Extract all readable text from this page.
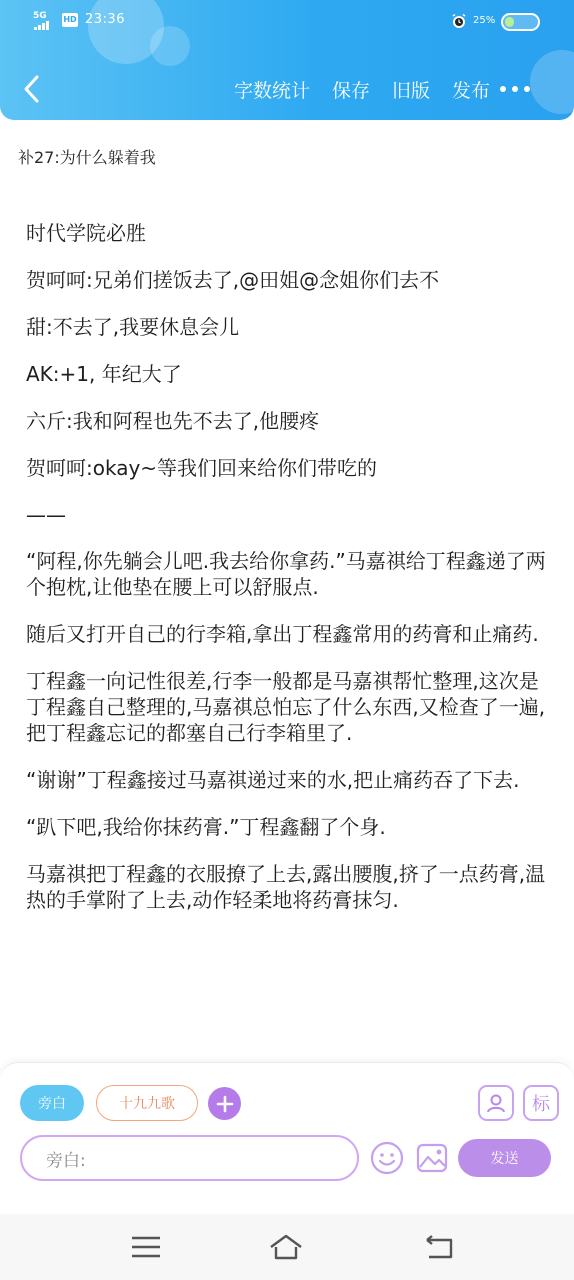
5G HD 23:36	25%
字数统计 保存 旧版 发布
补27:为什么躲着我
时代学院必胜
贺呵呵:兄弟们搓饭去了,@田姐@念姐你们去不
甜:不去了,我要休息会儿
AK:+1, 年纪大了
六斤:我和阿程也先不去了,他腰疼
贺呵呵:okay~等我们回来给你们带吃的
——
“阿程,你先躺会儿吧.我去给你拿药.”马嘉祺给丁程鑫递了两个抱枕,让他垫在腰上可以舒服点.
随后又打开自己的行李箱,拿出丁程鑫常用的药膏和止痛药.
丁程鑫一向记性很差,行李一般都是马嘉祺帮忙整理,这次是丁程鑫自己整理的,马嘉祺总怕忘了什么东西,又检查了一遍,把丁程鑫忘记的都塞自己行李箱里了.
“谢谢”丁程鑫接过马嘉祺递过来的水,把止痛药吞了下去.
“趴下吧,我给你抹药膏.”丁程鑫翻了个身.
马嘉祺把丁程鑫的衣服撩了上去,露出腰腹,挤了一点药膏,温热的手掌附了上去,动作轻柔地将药膏抹匀.
旁白	十九九歌	标
旁白:	发送
